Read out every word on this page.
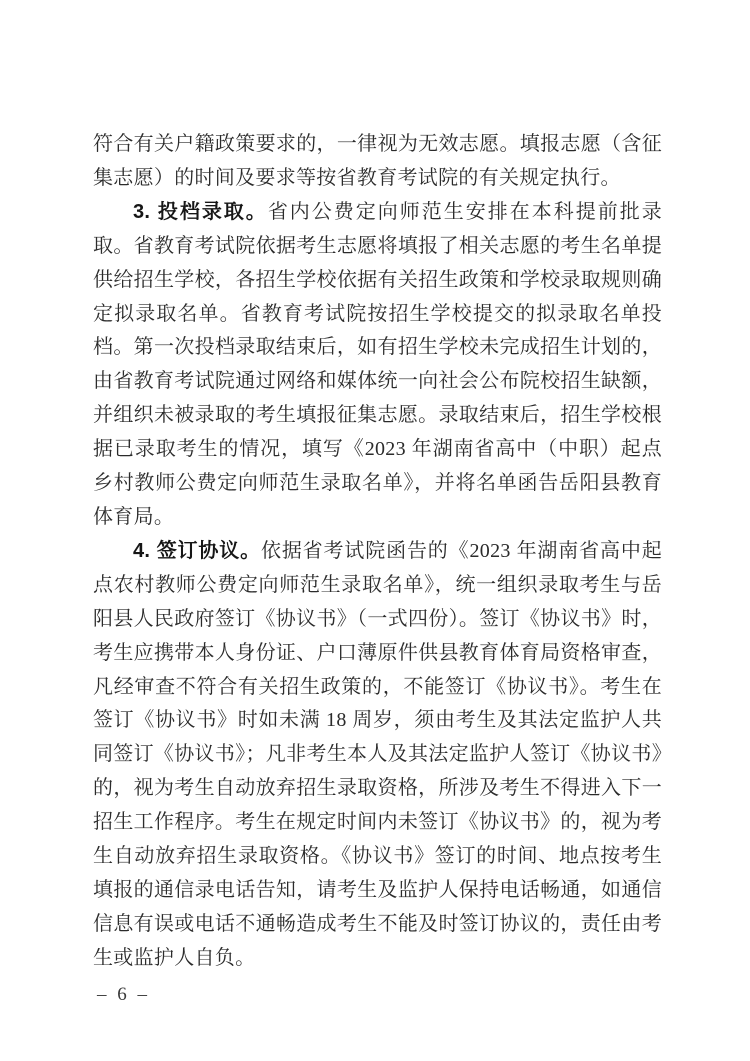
符合有关户籍政策要求的，一律视为无效志愿。填报志愿（含征集志愿）的时间及要求等按省教育考试院的有关规定执行。

3. 投档录取。省内公费定向师范生安排在本科提前批录取。省教育考试院依据考生志愿将填报了相关志愿的考生名单提供给招生学校，各招生学校依据有关招生政策和学校录取规则确定拟录取名单。省教育考试院按招生学校提交的拟录取名单投档。第一次投档录取结束后，如有招生学校未完成招生计划的，由省教育考试院通过网络和媒体统一向社会公布院校招生缺额，并组织未被录取的考生填报征集志愿。录取结束后，招生学校根据已录取考生的情况，填写《2023 年湖南省高中（中职）起点乡村教师公费定向师范生录取名单》，并将名单函告岳阳县教育体育局。

4. 签订协议。依据省考试院函告的《2023 年湖南省高中起点农村教师公费定向师范生录取名单》，统一组织录取考生与岳阳县人民政府签订《协议书》（一式四份）。签订《协议书》时，考生应携带本人身份证、户口薄原件供县教育体育局资格审查，凡经审查不符合有关招生政策的，不能签订《协议书》。考生在签订《协议书》时如未满 18 周岁，须由考生及其法定监护人共同签订《协议书》；凡非考生本人及其法定监护人签订《协议书》的，视为考生自动放弃招生录取资格，所涉及考生不得进入下一招生工作程序。考生在规定时间内未签订《协议书》的，视为考生自动放弃招生录取资格。《协议书》签订的时间、地点按考生填报的通信录电话告知，请考生及监护人保持电话畅通，如通信信息有误或电话不通畅造成考生不能及时签订协议的，责任由考生或监护人自负。

– 6 –
